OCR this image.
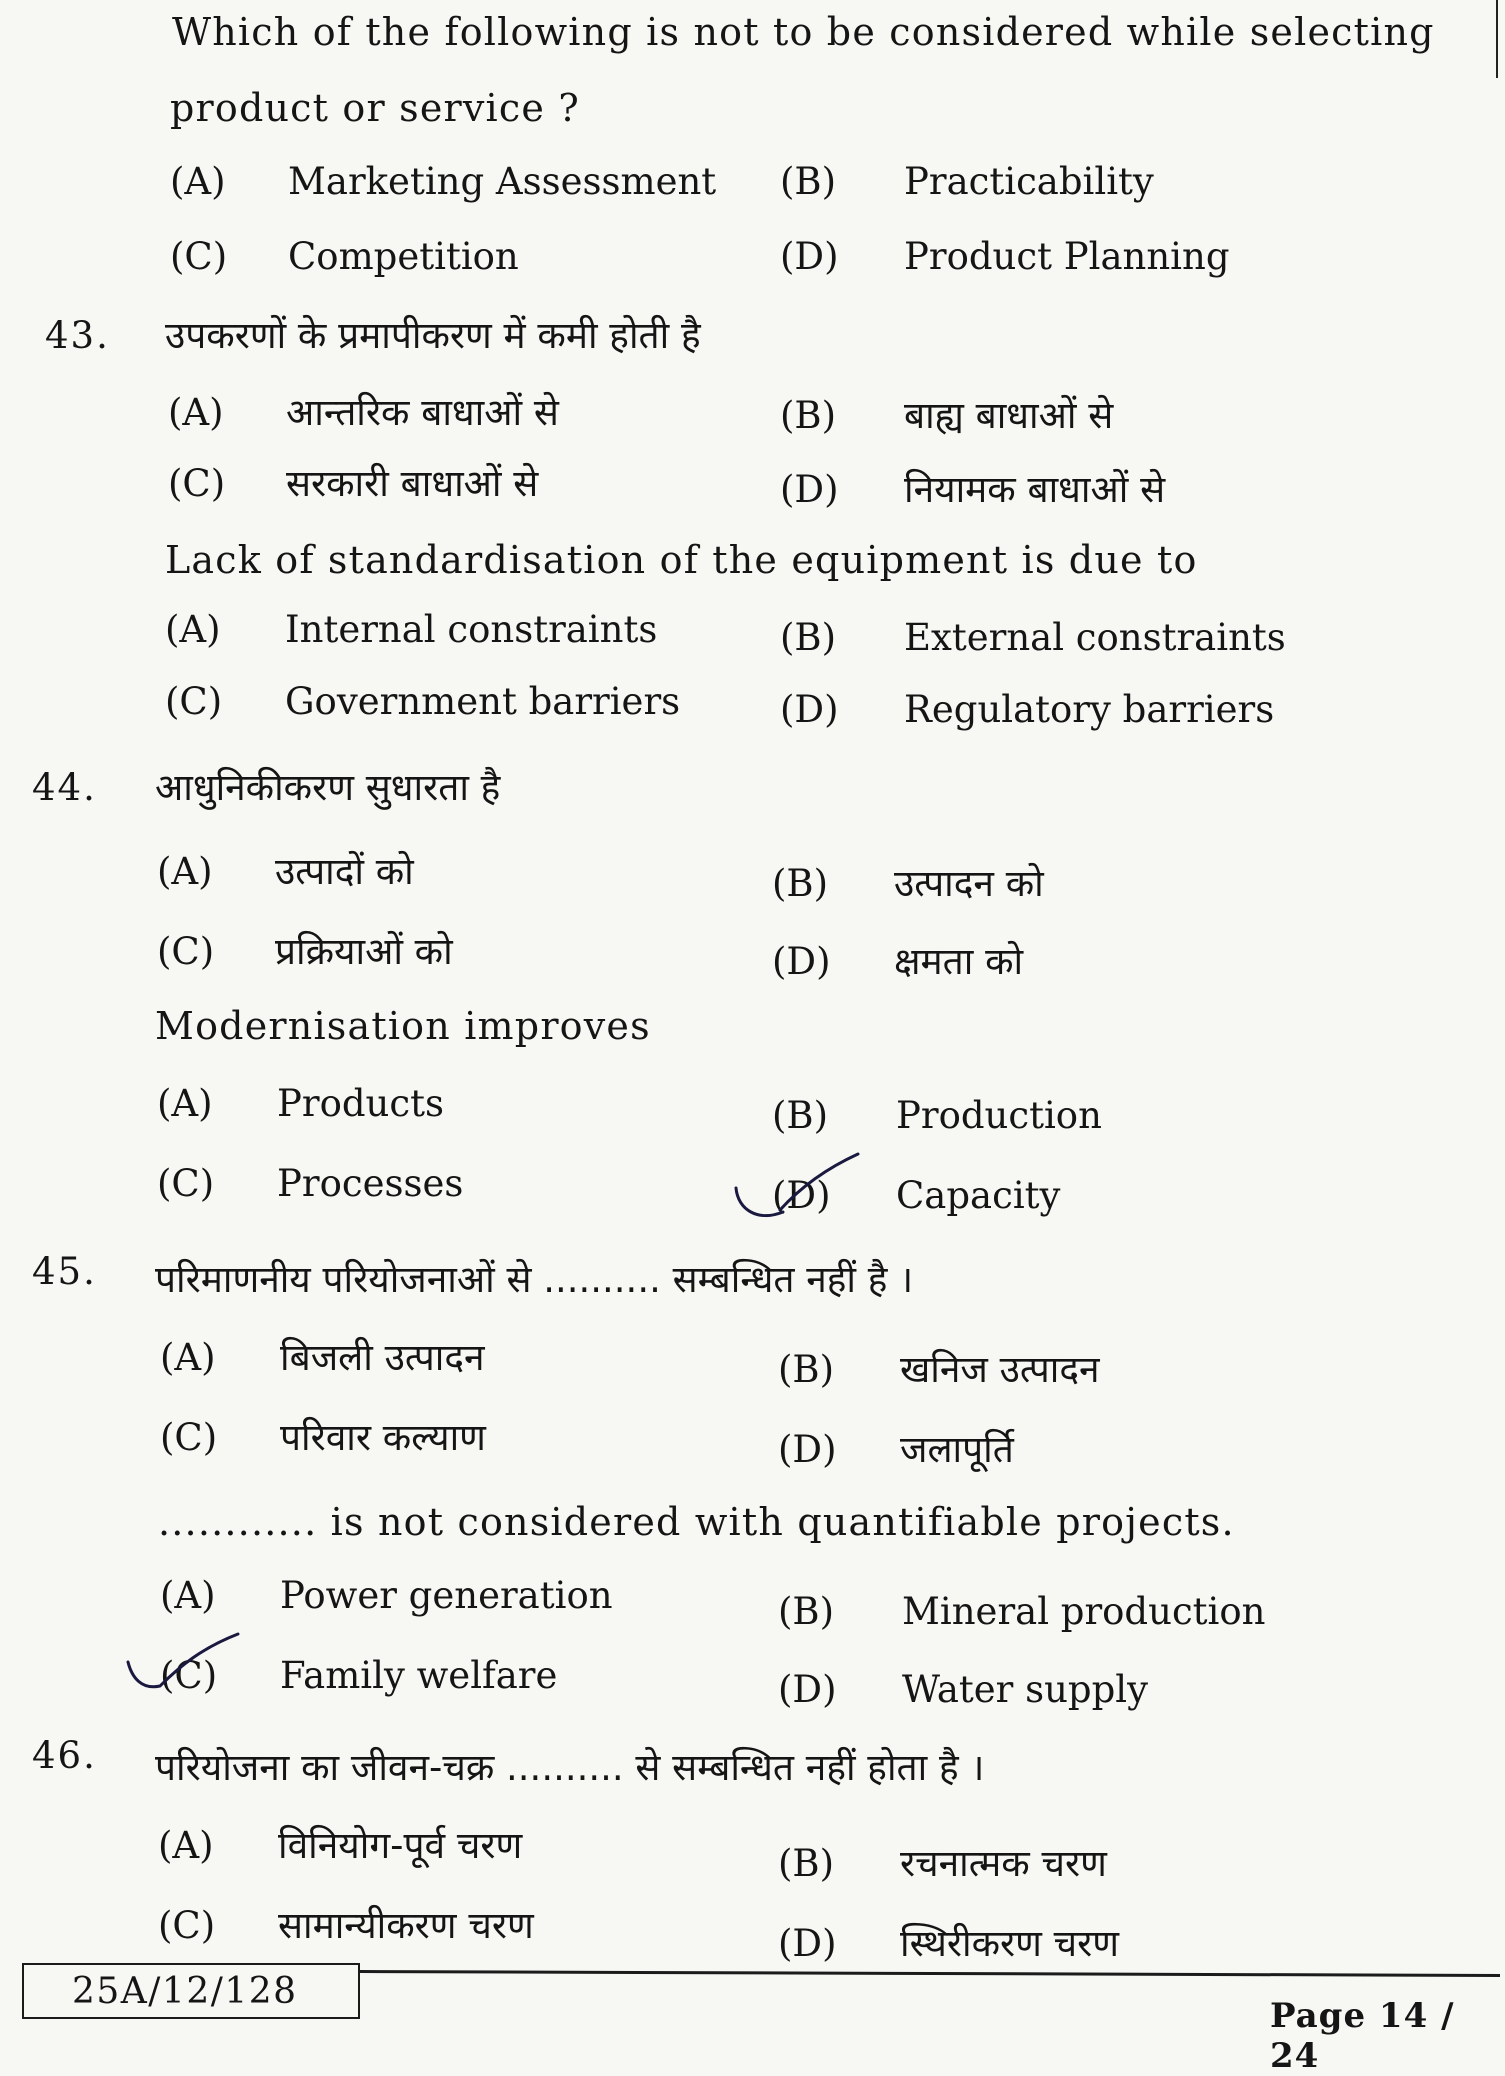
Which of the following is not to be considered while selecting
product or service ?
(A) Marketing Assessment (B) Practicability
(C) Competition	(D) Product Planning
43. उपकरणों के प्रमापीकरण में कमी होती है
(A) आन्तरिक बाधाओं से	(B) बाह्य बाधाओं से
(C) सरकारी बाधाओं से	(D) नियामक बाधाओं से
Lack of standardisation of the equipment is due to
(A) Internal constraints	(B) External constraints
(C) Government barriers	(D) Regulatory barriers
44. आधुनिकीकरण सुधारता है
(A) उत्पादों को	(B) उत्पादन को
(C) प्रक्रियाओं को	(D) क्षमता को
Modernisation improves
(A) Products	(B) Production
(C) Processes	(D) Capacity
45. परिमाणनीय परियोजनाओं से .......... सम्बन्धित नहीं है ।
(A) बिजली उत्पादन	(B) खनिज उत्पादन
(C) परिवार कल्याण	(D) जलापूर्ति
............ is not considered with quantifiable projects.
(A) Power generation	(B) Mineral production
(C) Family welfare	(D) Water supply
46. परियोजना का जीवन-चक्र .......... से सम्बन्धित नहीं होता है ।
(A) विनियोग-पूर्व चरण	(B) रचनात्मक चरण
(C) सामान्यीकरण चरण	(D) स्थिरीकरण चरण
25A/12/128
Page 14 / 24
